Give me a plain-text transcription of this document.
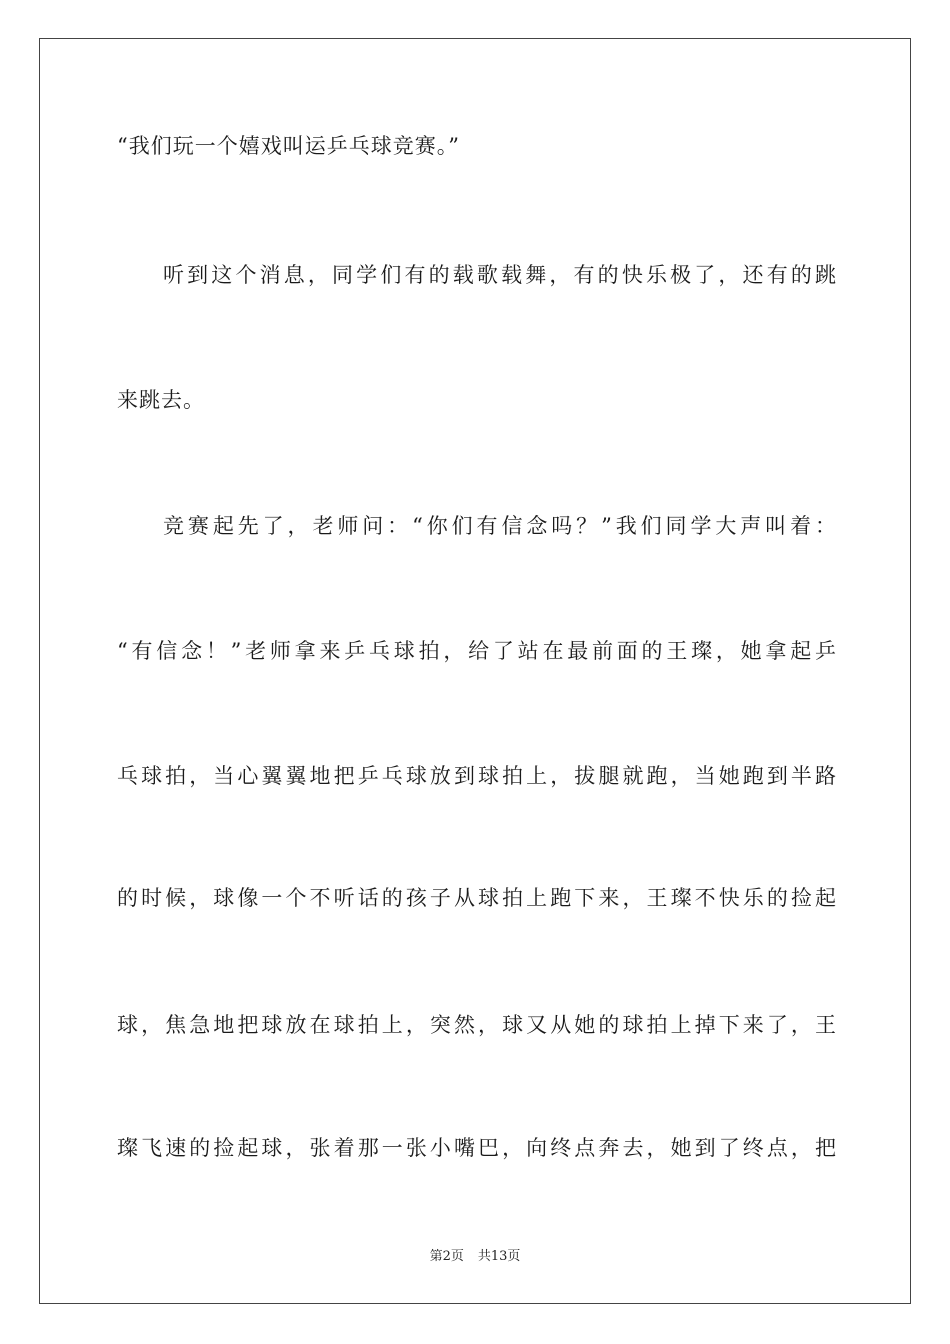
“我们玩一个嬉戏叫运乒乓球竞赛。”
听到这个消息，同学们有的载歌载舞，有的快乐极了，还有的跳
来跳去。
竞赛起先了，老师问：“你们有信念吗？”我们同学大声叫着：
“有信念！”老师拿来乒乓球拍，给了站在最前面的王璨，她拿起乒
乓球拍，当心翼翼地把乒乓球放到球拍上，拔腿就跑，当她跑到半路
的时候，球像一个不听话的孩子从球拍上跑下来，王璨不快乐的捡起
球，焦急地把球放在球拍上，突然，球又从她的球拍上掉下来了，王
璨飞速的捡起球，张着那一张小嘴巴，向终点奔去，她到了终点，把
第2页 共13页
